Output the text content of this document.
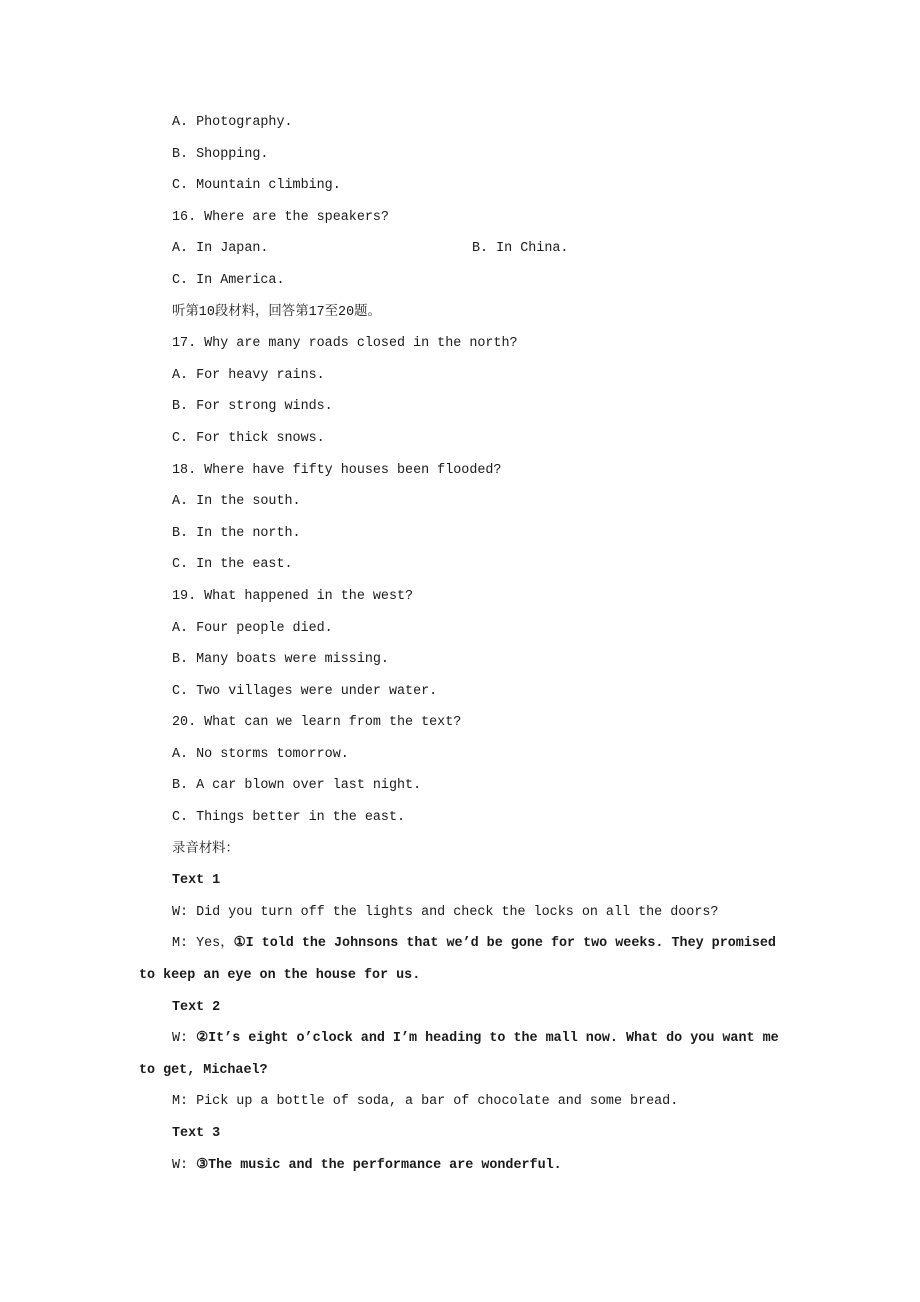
A. Photography.
B. Shopping.
C. Mountain climbing.
16. Where are the speakers?
A. In Japan.	B. In China.
C. In America.
听第10段材料，回答第17至20题。
17. Why are many roads closed in the north?
A. For heavy rains.
B. For strong winds.
C. For thick snows.
18. Where have fifty houses been flooded?
A. In the south.
B. In the north.
C. In the east.
19. What happened in the west?
A. Four people died.
B. Many boats were missing.
C. Two villages were under water.
20. What can we learn from the text?
A. No storms tomorrow.
B. A car blown over last night.
C. Things better in the east.
录音材料：
Text 1
W: Did you turn off the lights and check the locks on all the doors?
M: Yes，①I told the Johnsons that we’d be gone for two weeks. They promised
to keep an eye on the house for us.
Text 2
W: ②It’s eight o’clock and I’m heading to the mall now. What do you want me
to get, Michael?
M: Pick up a bottle of soda, a bar of chocolate and some bread.
Text 3
W: ③The music and the performance are wonderful.
